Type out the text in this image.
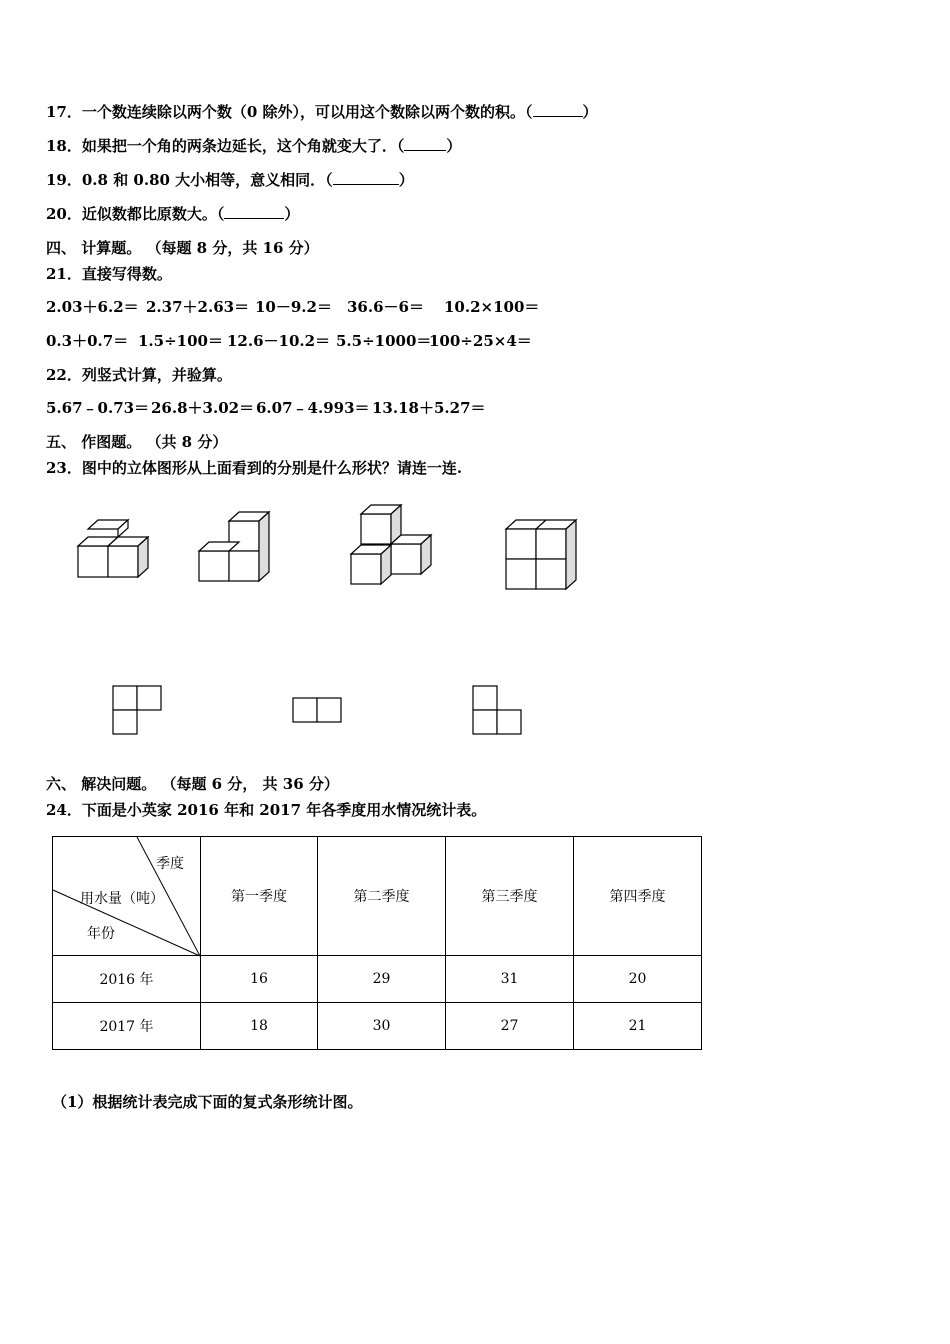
17．一个数连续除以两个数（0 除外），可以用这个数除以两个数的积。（	）
18．如果把一个角的两条边延长，这个角就变大了．（	）
19．0.8 和 0.80 大小相等，意义相同．（	）
20．近似数都比原数大。（	）
四、 计算题。 （每题 8 分，共 16 分）
21．直接写得数。
2.03＋6.2＝ 2.37＋2.63＝ 10－9.2＝ 36.6－6＝ 10.2×100＝
0.3＋0.7＝ 1.5÷100＝ 12.6－10.2＝ 5.5÷1000＝
100÷25×4＝
22．列竖式计算，并验算。
5.67﹣0.73＝ 26.8＋3.02＝ 6.07﹣4.993＝ 13.18＋5.27＝
五、 作图题。 （共 8 分）
23．图中的立体图形从上面看到的分别是什么形状？请连一连.
六、 解决问题。 （每题 6 分， 共 36 分）
24．下面是小英家 2016 年和 2017 年各季度用水情况统计表。
季度
用水量（吨）
年份	第一季度	第二季度	第三季度	第四季度
2016 年	16	29	31	20
2017 年	18	30	27	21
（1）根据统计表完成下面的复式条形统计图。
